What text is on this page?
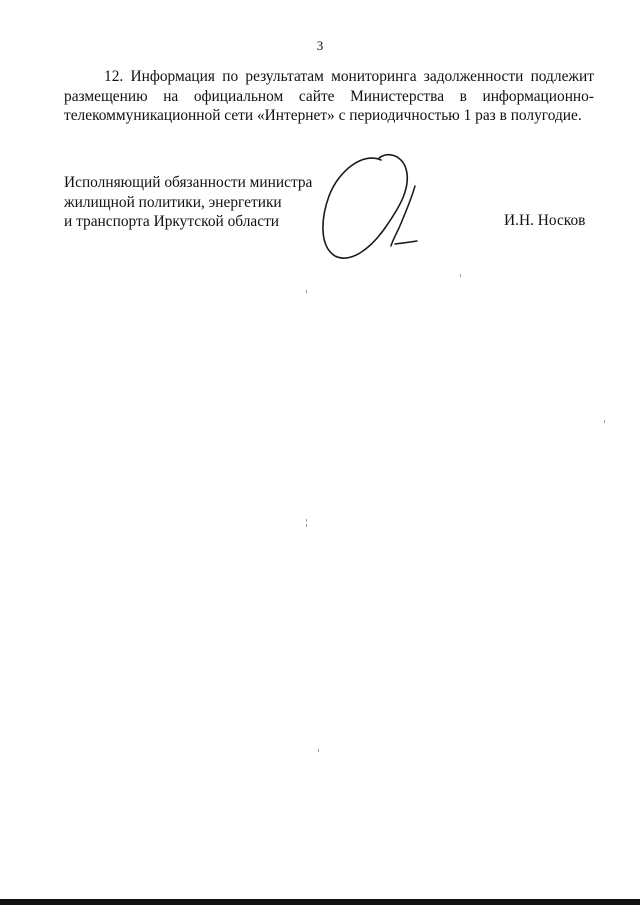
3
12. Информация по результатам мониторинга задолженности подлежит
размещению на официальном сайте Министерства в информационно-
телекоммуникационной сети «Интернет» с периодичностью 1 раз в полугодие.
Исполняющий обязанности министра
жилищной политики, энергетики
и транспорта Иркутской области	И.Н. Носков
